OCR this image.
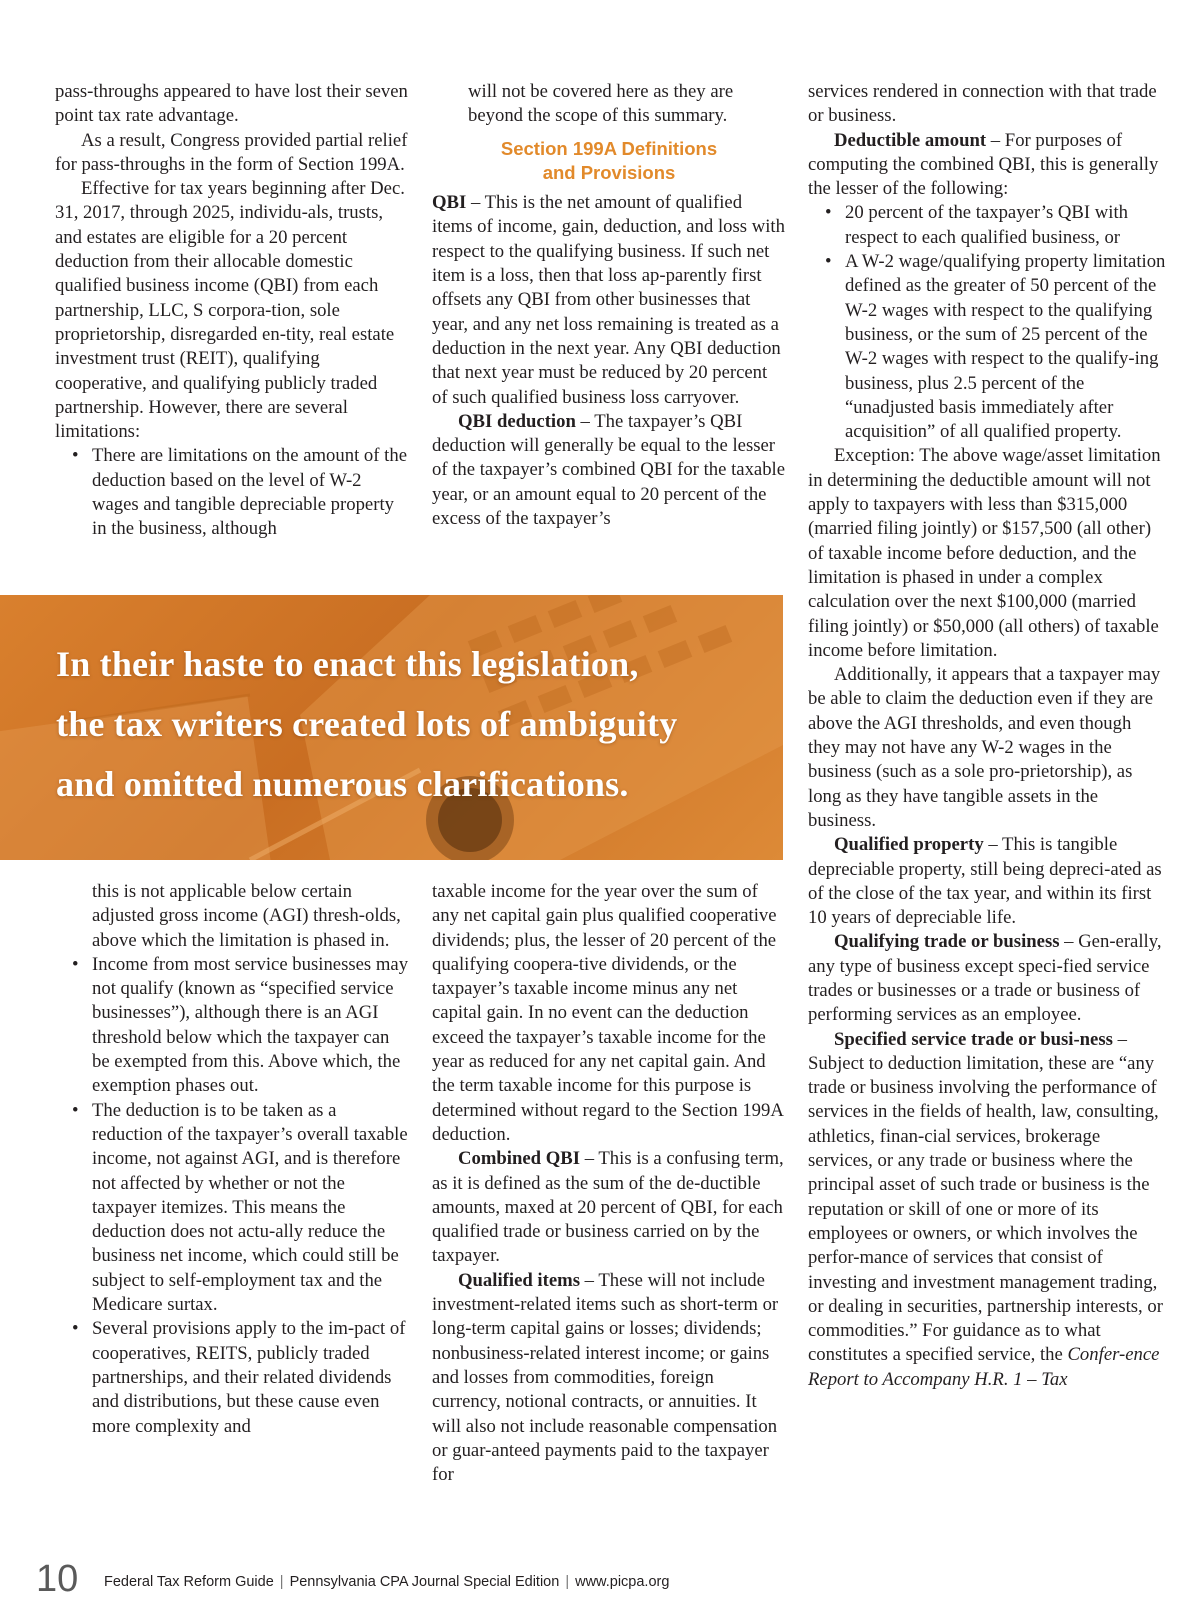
pass-throughs appeared to have lost their seven point tax rate advantage.

As a result, Congress provided partial relief for pass-throughs in the form of Section 199A.

Effective for tax years beginning after Dec. 31, 2017, through 2025, individu-als, trusts, and estates are eligible for a 20 percent deduction from their allocable domestic qualified business income (QBI) from each partnership, LLC, S corpora-tion, sole proprietorship, disregarded en-tity, real estate investment trust (REIT), qualifying cooperative, and qualifying publicly traded partnership. However, there are several limitations:

• There are limitations on the amount of the deduction based on the level of W-2 wages and tangible depreciable property in the business, although

will not be covered here as they are beyond the scope of this summary.

Section 199A Definitions
and Provisions

QBI – This is the net amount of qualified items of income, gain, deduction, and loss with respect to the qualifying business. If such net item is a loss, then that loss ap-parently first offsets any QBI from other businesses that year, and any net loss remaining is treated as a deduction in the next year. Any QBI deduction that next year must be reduced by 20 percent of such qualified business loss carryover.

QBI deduction – The taxpayer’s QBI deduction will generally be equal to the lesser of the taxpayer’s combined QBI for the taxable year, or an amount equal to 20 percent of the excess of the taxpayer’s

services rendered in connection with that trade or business.

Deductible amount – For purposes of computing the combined QBI, this is generally the lesser of the following:

• 20 percent of the taxpayer’s QBI with respect to each qualified business, or
• A W-2 wage/qualifying property limitation defined as the greater of 50 percent of the W-2 wages with respect to the qualifying business, or the sum of 25 percent of the W-2 wages with respect to the qualify-ing business, plus 2.5 percent of the “unadjusted basis immediately after acquisition” of all qualified property.

Exception: The above wage/asset limitation in determining the deductible amount will not apply to taxpayers with less than $315,000 (married filing jointly) or $157,500 (all other) of taxable income before deduction, and the limitation is phased in under a complex calculation over the next $100,000 (married filing jointly) or $50,000 (all others) of taxable income before limitation.

Additionally, it appears that a taxpayer may be able to claim the deduction even if they are above the AGI thresholds, and even though they may not have any W-2 wages in the business (such as a sole pro-prietorship), as long as they have tangible assets in the business.

Qualified property – This is tangible depreciable property, still being depreci-ated as of the close of the tax year, and within its first 10 years of depreciable life.

Qualifying trade or business – Gen-erally, any type of business except speci-fied service trades or businesses or a trade or business of performing services as an employee.

Specified service trade or busi-ness – Subject to deduction limitation, these are “any trade or business involving the performance of services in the fields of health, law, consulting, athletics, finan-cial services, brokerage services, or any trade or business where the principal asset of such trade or business is the reputation or skill of one or more of its employees or owners, or which involves the perfor-mance of services that consist of investing and investment management trading, or dealing in securities, partnership interests, or commodities.” For guidance as to what constitutes a specified service, the Confer-ence Report to Accompany H.R. 1 – Tax

In their haste to enact this legislation,
the tax writers created lots of ambiguity
and omitted numerous clarifications.
this is not applicable below certain adjusted gross income (AGI) thresh-olds, above which the limitation is phased in.
• Income from most service businesses may not qualify (known as “specified service businesses”), although there is an AGI threshold below which the taxpayer can be exempted from this. Above which, the exemption phases out.
• The deduction is to be taken as a reduction of the taxpayer’s overall taxable income, not against AGI, and is therefore not affected by whether or not the taxpayer itemizes. This means the deduction does not actu-ally reduce the business net income, which could still be subject to self-employment tax and the Medicare surtax.
• Several provisions apply to the im-pact of cooperatives, REITS, publicly traded partnerships, and their related dividends and distributions, but these cause even more complexity and

taxable income for the year over the sum of any net capital gain plus qualified cooperative dividends; plus, the lesser of 20 percent of the qualifying coopera-tive dividends, or the taxpayer’s taxable income minus any net capital gain. In no event can the deduction exceed the taxpayer’s taxable income for the year as reduced for any net capital gain. And the term taxable income for this purpose is determined without regard to the Section 199A deduction.

Combined QBI – This is a confusing term, as it is defined as the sum of the de-ductible amounts, maxed at 20 percent of QBI, for each qualified trade or business carried on by the taxpayer.

Qualified items – These will not include investment-related items such as short-term or long-term capital gains or losses; dividends; nonbusiness-related interest income; or gains and losses from commodities, foreign currency, notional contracts, or annuities. It will also not include reasonable compensation or guar-anteed payments paid to the taxpayer for

10 Federal Tax Reform Guide | Pennsylvania CPA Journal Special Edition | www.picpa.org
